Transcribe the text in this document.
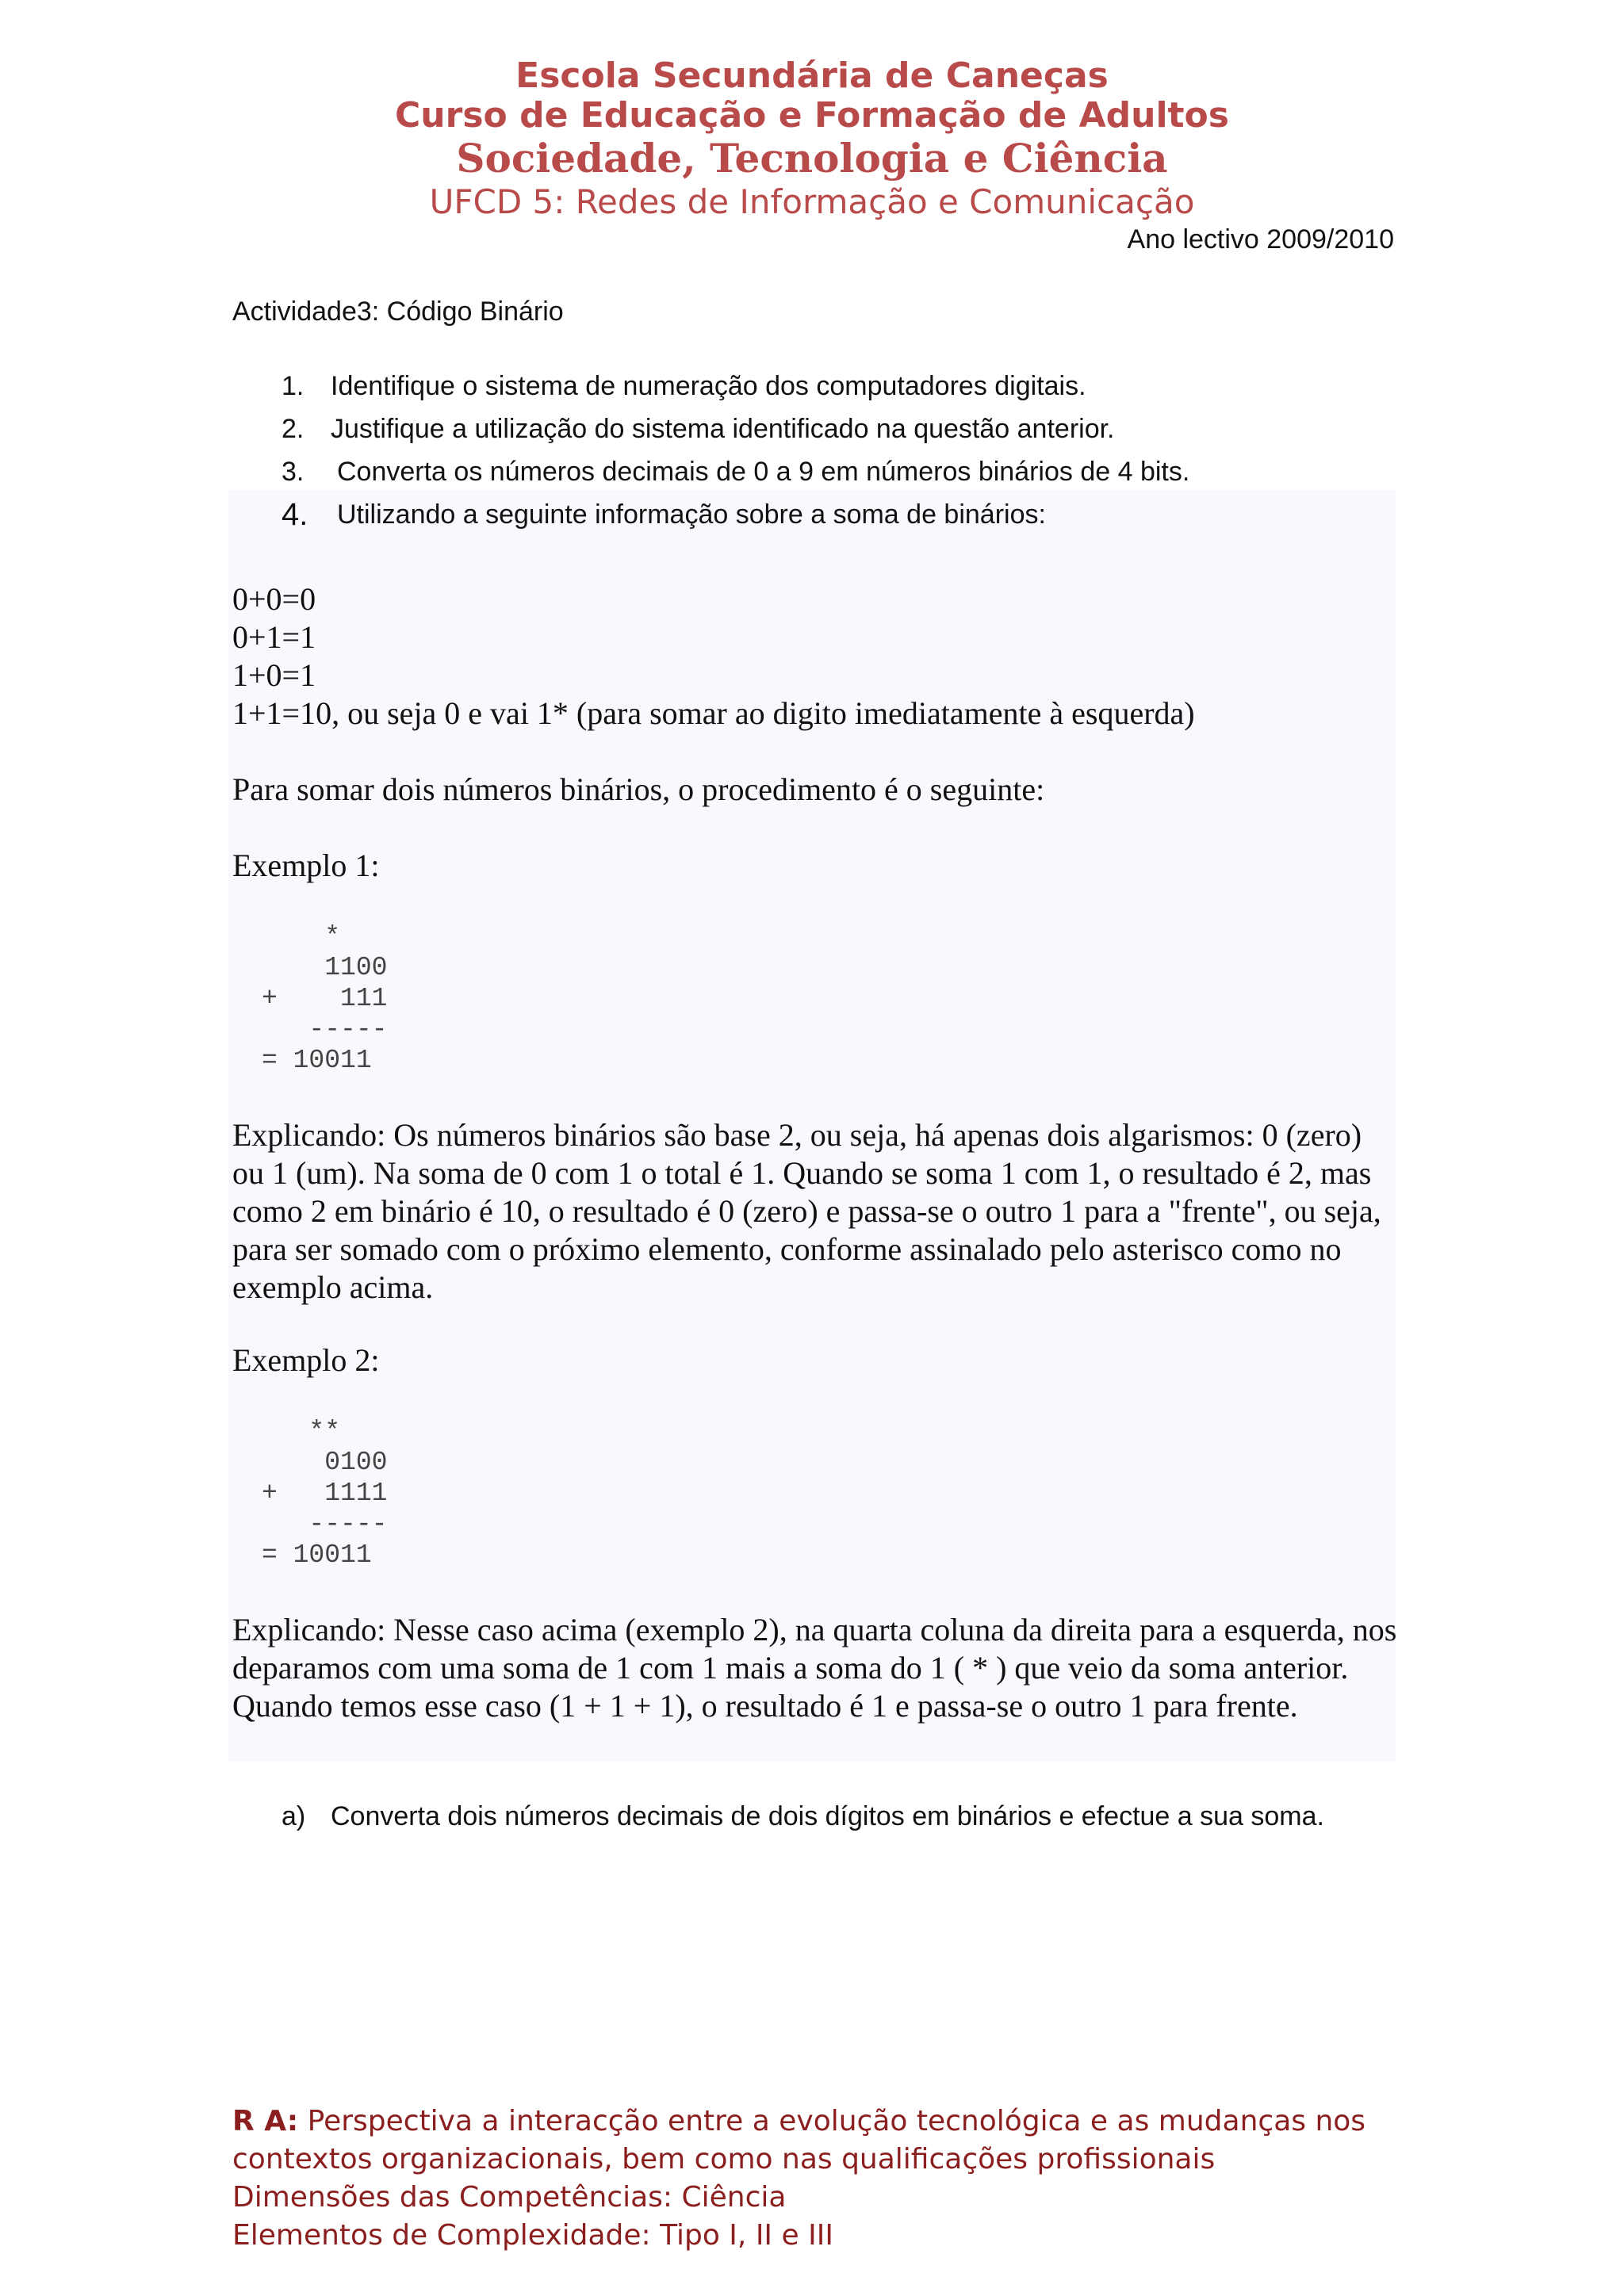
Escola Secundária de Caneças
Curso de Educação e Formação de Adultos
Sociedade, Tecnologia e Ciência
UFCD 5: Redes de Informação e Comunicação
Ano lectivo 2009/2010
Actividade3: Código Binário
1. Identifique o sistema de numeração dos computadores digitais.
2. Justifique a utilização do sistema identificado na questão anterior.
3.	Converta os números decimais de 0 a 9 em números binários de 4 bits.
4.	Utilizando a seguinte informação sobre a soma de binários:
0+0=0
0+1=1
1+0=1
1+1=10, ou seja 0 e vai 1* (para somar ao digito imediatamente à esquerda)
Para somar dois números binários, o procedimento é o seguinte:
Exemplo 1:
*
1100
+    111
-----
= 10011
Explicando: Os números binários são base 2, ou seja, há apenas dois algarismos: 0 (zero) ou 1 (um). Na soma de 0 com 1 o total é 1. Quando se soma 1 com 1, o resultado é 2, mas como 2 em binário é 10, o resultado é 0 (zero) e passa-se o outro 1 para a "frente", ou seja, para ser somado com o próximo elemento, conforme assinalado pelo asterisco como no exemplo acima.
Exemplo 2:
**
0100
+   1111
-----
= 10011
Explicando: Nesse caso acima (exemplo 2), na quarta coluna da direita para a esquerda, nos deparamos com uma soma de 1 com 1 mais a soma do 1 ( * ) que veio da soma anterior. Quando temos esse caso (1 + 1 + 1), o resultado é 1 e passa-se o outro 1 para frente.
a) Converta dois números decimais de dois dígitos em binários e efectue a sua soma.
R A: Perspectiva a interacção entre a evolução tecnológica e as mudanças nos contextos organizacionais, bem como nas qualificações profissionais
Dimensões das Competências: Ciência
Elementos de Complexidade: Tipo I, II e III
